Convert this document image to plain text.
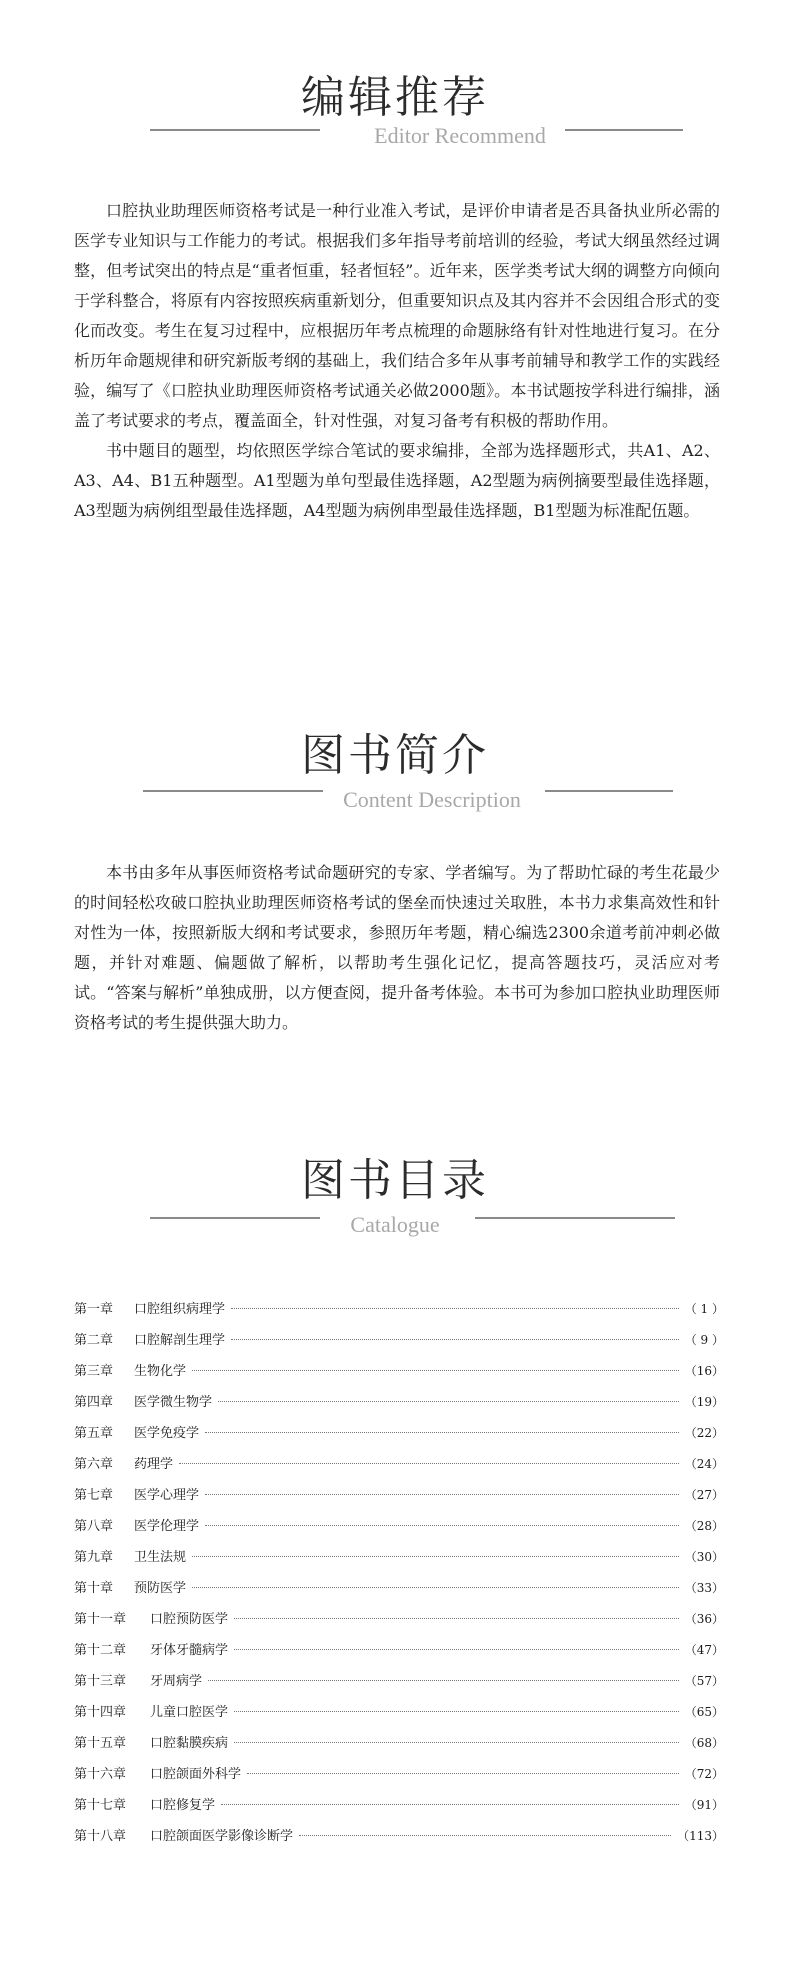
编辑推荐
Editor Recommend

口腔执业助理医师资格考试是一种行业准入考试，是评价申请者是否具备执业所必需的医学专业知识与工作能力的考试。根据我们多年指导考前培训的经验，考试大纲虽然经过调整，但考试突出的特点是“重者恒重，轻者恒轻”。近年来，医学类考试大纲的调整方向倾向于学科整合，将原有内容按照疾病重新划分，但重要知识点及其内容并不会因组合形式的变化而改变。考生在复习过程中，应根据历年考点梳理的命题脉络有针对性地进行复习。在分析历年命题规律和研究新版考纲的基础上，我们结合多年从事考前辅导和教学工作的实践经验，编写了《口腔执业助理医师资格考试通关必做2000题》。本书试题按学科进行编排，涵盖了考试要求的考点，覆盖面全，针对性强，对复习备考有积极的帮助作用。

书中题目的题型，均依照医学综合笔试的要求编排，全部为选择题形式，共A1、A2、A3、A4、B1五种题型。A1型题为单句型最佳选择题，A2型题为病例摘要型最佳选择题，A3型题为病例组型最佳选择题，A4型题为病例串型最佳选择题，B1型题为标准配伍题。

图书简介
Content Description

本书由多年从事医师资格考试命题研究的专家、学者编写。为了帮助忙碌的考生花最少的时间轻松攻破口腔执业助理医师资格考试的堡垒而快速过关取胜，本书力求集高效性和针对性为一体，按照新版大纲和考试要求，参照历年考题，精心编选2300余道考前冲刺必做题，并针对难题、偏题做了解析，以帮助考生强化记忆，提高答题技巧，灵活应对考试。“答案与解析”单独成册，以方便查阅，提升备考体验。本书可为参加口腔执业助理医师资格考试的考生提供强大助力。

图书目录
Catalogue
第一章	口腔组织病理学	（ 1 ）
第二章	口腔解剖生理学	（ 9 ）
第三章	生物化学	（16）
第四章	医学微生物学	（19）
第五章	医学免疫学	（22）
第六章	药理学	（24）
第七章	医学心理学	（27）
第八章	医学伦理学	（28）
第九章	卫生法规	（30）
第十章	预防医学	（33）
第十一章	口腔预防医学	（36）
第十二章	牙体牙髓病学	（47）
第十三章	牙周病学	（57）
第十四章	儿童口腔医学	（65）
第十五章	口腔黏膜疾病	（68）
第十六章	口腔颌面外科学	（72）
第十七章	口腔修复学	（91）
第十八章	口腔颌面医学影像诊断学	（113）
